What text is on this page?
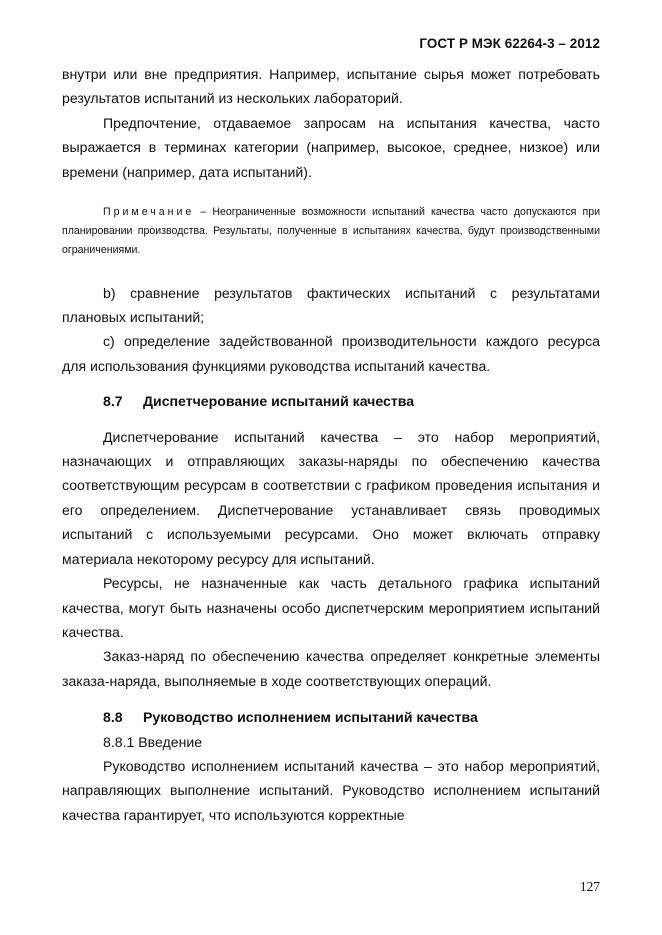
ГОСТ Р МЭК 62264-3 – 2012

внутри или вне предприятия. Например, испытание сырья может потребовать результатов испытаний из нескольких лабораторий.

Предпочтение, отдаваемое запросам на испытания качества, часто выражается в терминах категории (например, высокое, среднее, низкое) или времени (например, дата испытаний).

Примечание – Неограниченные возможности испытаний качества часто допускаются при планировании производства. Результаты, полученные в испытаниях качества, будут производственными ограничениями.

b) сравнение результатов фактических испытаний с результатами плановых испытаний;

c) определение задействованной производительности каждого ресурса для использования функциями руководства испытаний качества.

8.7 Диспетчерование испытаний качества

Диспетчерование испытаний качества – это набор мероприятий, назначающих и отправляющих заказы-наряды по обеспечению качества соответствующим ресурсам в соответствии с графиком проведения испытания и его определением. Диспетчерование устанавливает связь проводимых испытаний с используемыми ресурсами. Оно может включать отправку материала некоторому ресурсу для испытаний.

Ресурсы, не назначенные как часть детального графика испытаний качества, могут быть назначены особо диспетчерским мероприятием испытаний качества.

Заказ-наряд по обеспечению качества определяет конкретные элементы заказа-наряда, выполняемые в ходе соответствующих операций.

8.8 Руководство исполнением испытаний качества

8.8.1 Введение

Руководство исполнением испытаний качества – это набор мероприятий, направляющих выполнение испытаний. Руководство исполнением испытаний качества гарантирует, что используются корректные

127
